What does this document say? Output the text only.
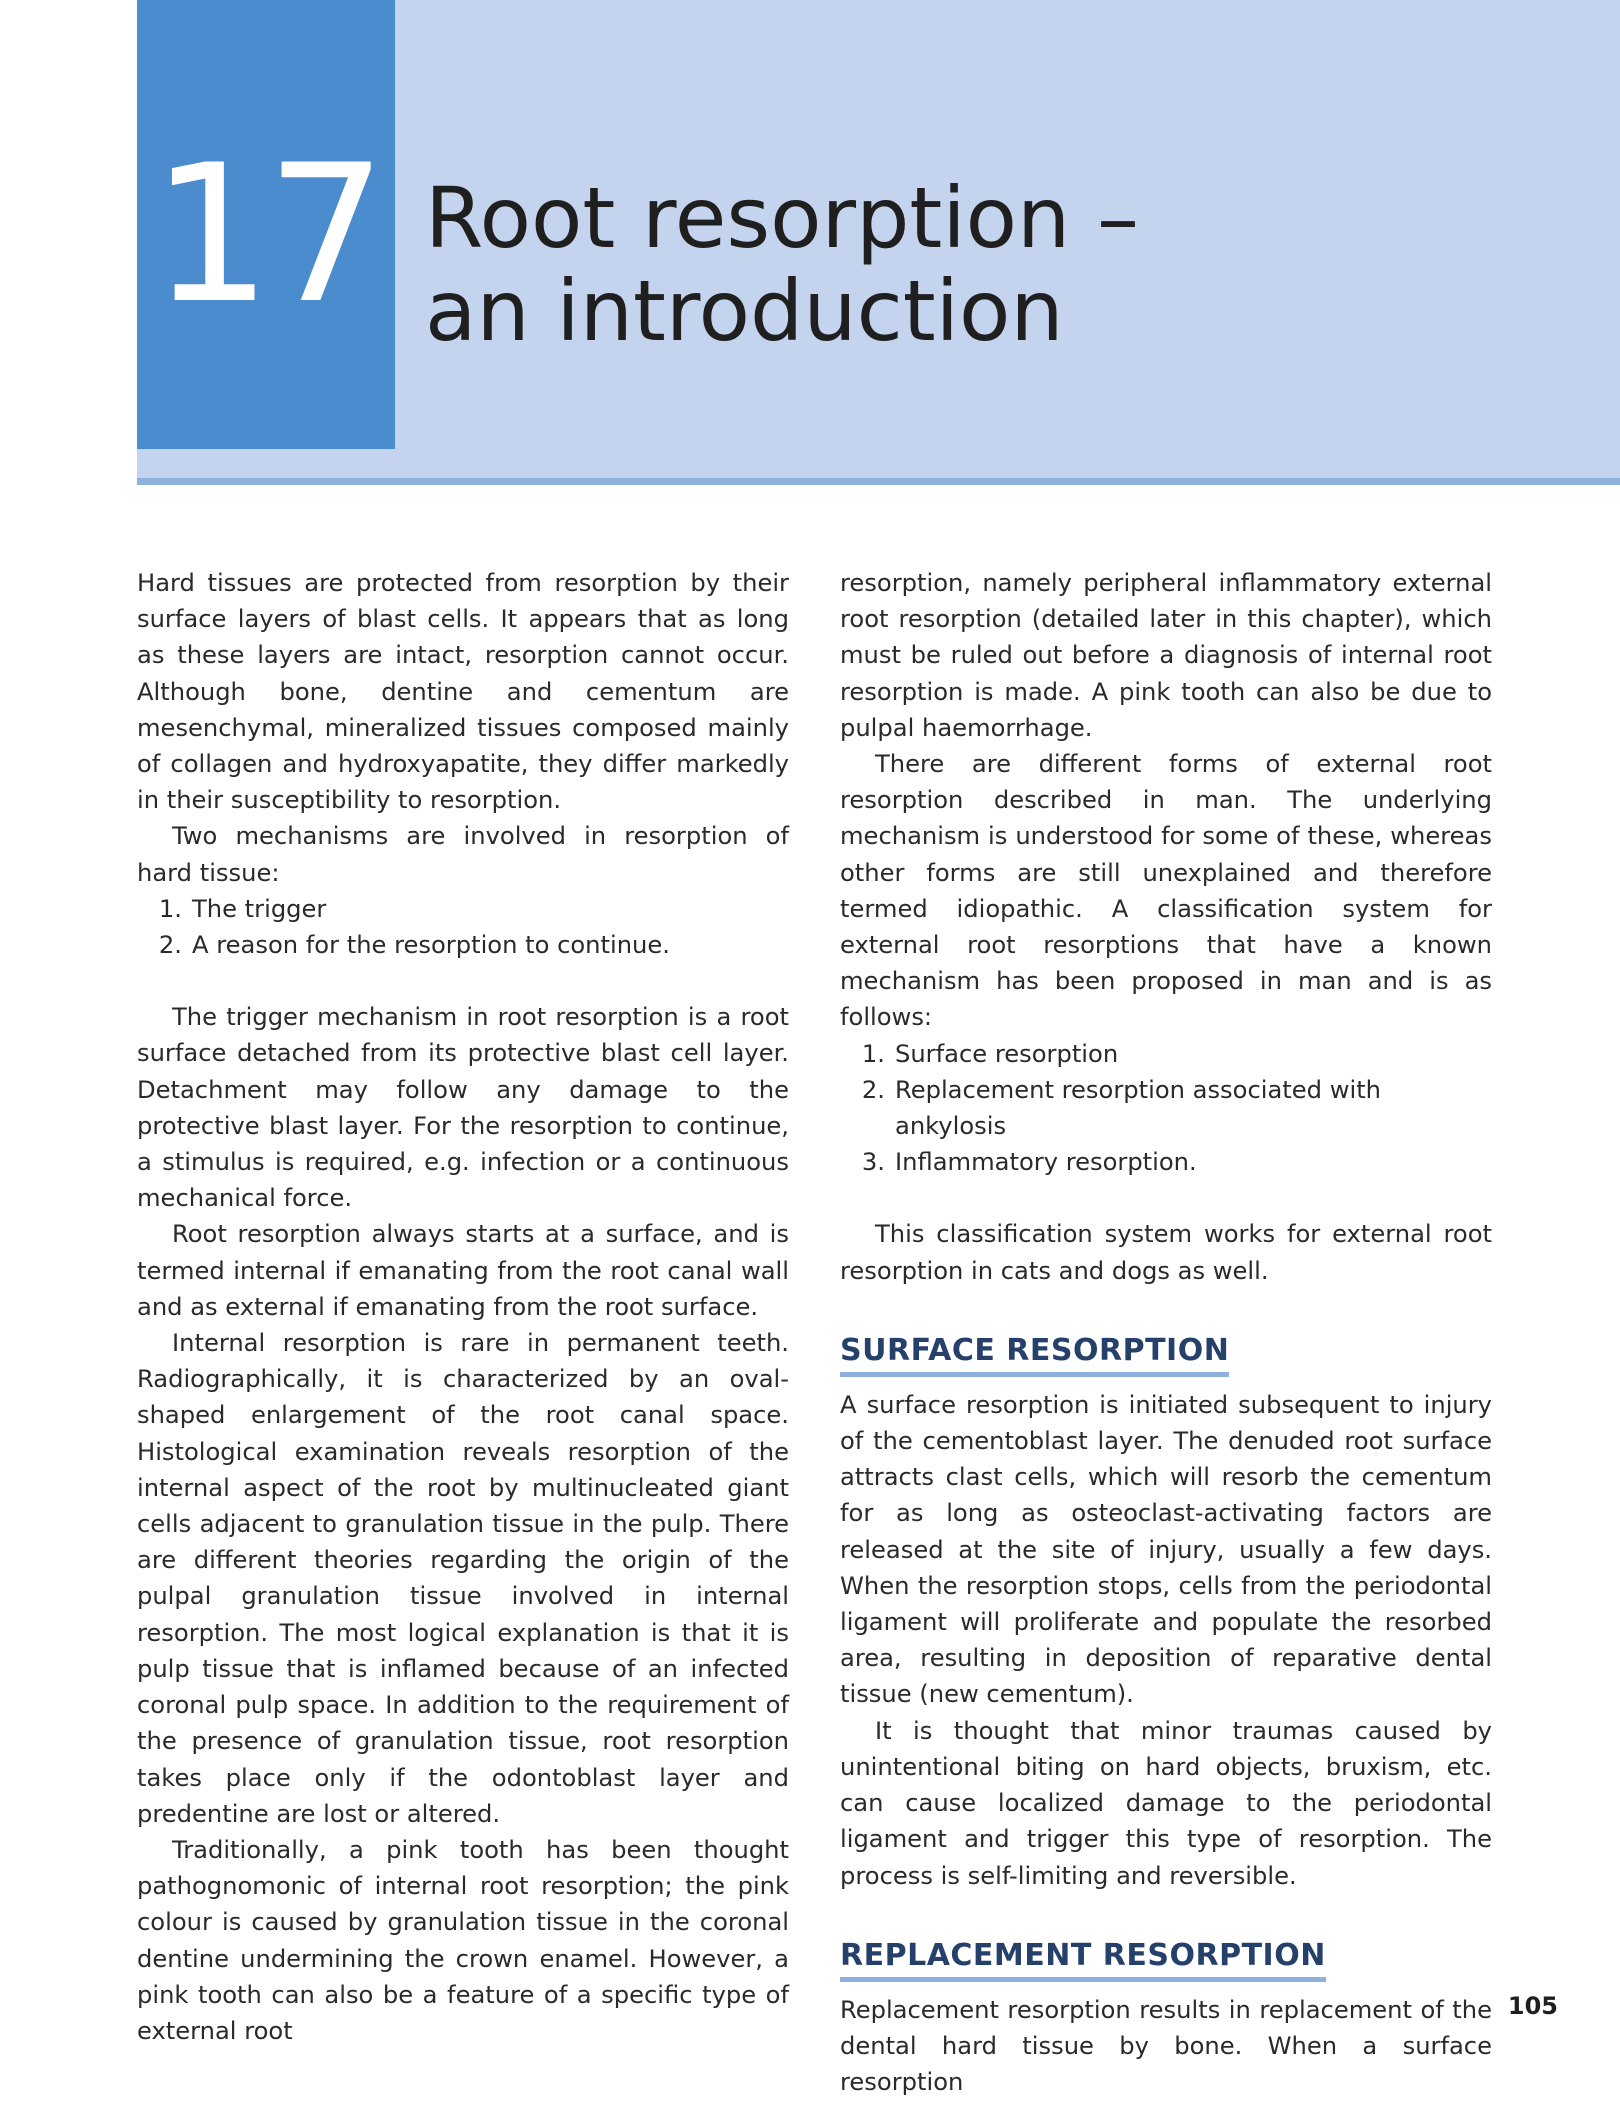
17 Root resorption –
an introduction

Hard tissues are protected from resorption by their surface layers of blast cells. It appears that as long as these layers are intact, resorption cannot occur. Although bone, dentine and cementum are mesenchymal, mineralized tissues composed mainly of collagen and hydroxyapatite, they differ markedly in their susceptibility to resorption.

Two mechanisms are involved in resorption of hard tissue:

1. The trigger
2. A reason for the resorption to continue.

The trigger mechanism in root resorption is a root surface detached from its protective blast cell layer. Detachment may follow any damage to the protective blast layer. For the resorption to continue, a stimulus is required, e.g. infection or a continuous mechanical force.

Root resorption always starts at a surface, and is termed internal if emanating from the root canal wall and as external if emanating from the root surface.

Internal resorption is rare in permanent teeth. Radiographically, it is characterized by an oval-shaped enlargement of the root canal space. Histological examination reveals resorption of the internal aspect of the root by multinucleated giant cells adjacent to granulation tissue in the pulp. There are different theories regarding the origin of the pulpal granulation tissue involved in internal resorption. The most logical explanation is that it is pulp tissue that is inflamed because of an infected coronal pulp space. In addition to the requirement of the presence of granulation tissue, root resorption takes place only if the odontoblast layer and predentine are lost or altered.

Traditionally, a pink tooth has been thought pathognomonic of internal root resorption; the pink colour is caused by granulation tissue in the coronal dentine undermining the crown enamel. However, a pink tooth can also be a feature of a specific type of external root

resorption, namely peripheral inflammatory external root resorption (detailed later in this chapter), which must be ruled out before a diagnosis of internal root resorption is made. A pink tooth can also be due to pulpal haemorrhage.

There are different forms of external root resorption described in man. The underlying mechanism is understood for some of these, whereas other forms are still unexplained and therefore termed idiopathic. A classification system for external root resorptions that have a known mechanism has been proposed in man and is as follows:

1. Surface resorption
2. Replacement resorption associated with ankylosis
3. Inflammatory resorption.

This classification system works for external root resorption in cats and dogs as well.

SURFACE RESORPTION

A surface resorption is initiated subsequent to injury of the cementoblast layer. The denuded root surface attracts clast cells, which will resorb the cementum for as long as osteoclast-activating factors are released at the site of injury, usually a few days. When the resorption stops, cells from the periodontal ligament will proliferate and populate the resorbed area, resulting in deposition of reparative dental tissue (new cementum).

It is thought that minor traumas caused by unintentional biting on hard objects, bruxism, etc. can cause localized damage to the periodontal ligament and trigger this type of resorption. The process is self-limiting and reversible.

REPLACEMENT RESORPTION

Replacement resorption results in replacement of the dental hard tissue by bone. When a surface resorption

105
